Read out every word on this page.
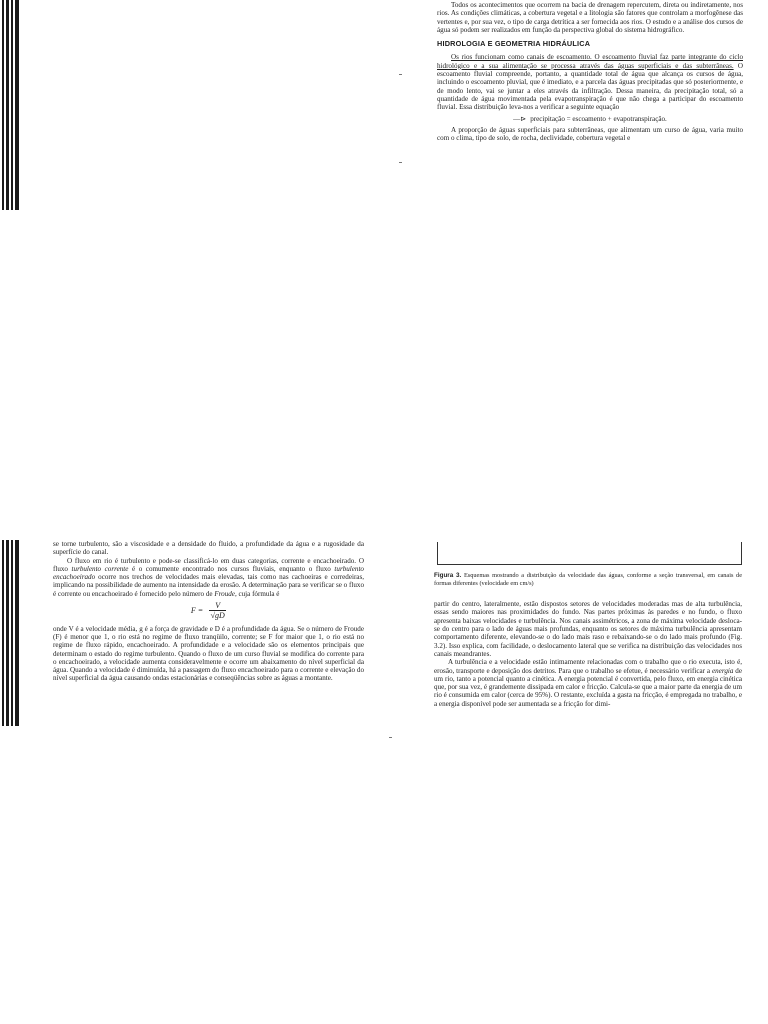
Todos os acontecimentos que ocorrem na bacia de drenagem repercutem, direta ou indiretamente, nos rios. As condições climáticas, a cobertura vegetal e a litologia são fatores que controlam a morfogênese das vertentes e, por sua vez, o tipo de carga detrítica a ser fornecida aos rios. O estudo e a análise dos cursos de água só podem ser realizados em função da perspectiva global do sistema hidrográfico.

HIDROLOGIA E GEOMETRIA HIDRÁULICA

Os rios funcionam como canais de escoamento. O escoamento fluvial faz parte integrante do ciclo hidrológico e a sua alimentação se processa através das águas superficiais e das subterrâneas. O escoamento fluvial compreende, portanto, a quantidade total de água que alcança os cursos de água, incluindo o escoamento pluvial, que é imediato, e a parcela das águas precipitadas que só posteriormente, e de modo lento, vai se juntar a eles através da infiltração. Dessa maneira, da precipitação total, só a quantidade de água movimentada pela evapotranspiração é que não chega a participar do escoamento fluvial. Essa distribuição leva-nos a verificar a seguinte equação

—⊳ precipitação = escoamento + evapotranspiração.

A proporção de águas superficiais para subterrâneas, que alimentam um curso de água, varia muito com o clima, tipo de solo, de rocha, declividade, cobertura vegetal e

se torne turbulento, são a viscosidade e a densidade do fluido, a profundidade da água e a rugosidade da superfície do canal.

O fluxo em rio é turbulento e pode-se classificá-lo em duas categorias, corrente e encachoeirado. O fluxo turbulento corrente é o comumente encontrado nos cursos fluviais, enquanto o fluxo turbulento encachoeirado ocorre nos trechos de velocidades mais elevadas, tais como nas cachoeiras e corredeiras, implicando na possibilidade de aumento na intensidade da erosão. A determinação para se verificar se o fluxo é corrente ou encachoeirado é fornecido pelo número de Froude, cuja fórmula é

$F = \frac{V}{√gD}$

onde V é a velocidade média, g é a força de gravidade e D é a profundidade da água. Se o número de Froude (F) é menor que 1, o rio está no regime de fluxo tranqüilo, corrente; se F for maior que 1, o rio está no regime de fluxo rápido, encachoeirado. A profundidade e a velocidade são os elementos principais que determinam o estado do regime turbulento. Quando o fluxo de um curso fluvial se modifica do corrente para o encachoeirado, a velocidade aumenta consideravelmente e ocorre um abaixamento do nível superficial da água. Quando a velocidade é diminuída, há a passagem do fluxo encachoeirado para o corrente e elevação do nível superficial da água causando ondas estacionárias e conseqüências sobre as águas a montante.

Figura 3. Esquemas mostrando a distribuição da velocidade das águas, conforme a seção transversal, em canais de formas diferentes (velocidade em cm/s)

partir do centro, lateralmente, estão dispostos setores de velocidades moderadas mas de alta turbulência, essas sendo maiores nas proximidades do fundo. Nas partes próximas às paredes e no fundo, o fluxo apresenta baixas velocidades e turbulência. Nos canais assimétricos, a zona de máxima velocidade desloca-se do centro para o lado de águas mais profundas, enquanto os setores de máxima turbulência apresentam comportamento diferente, elevando-se o do lado mais raso e rebaixando-se o do lado mais profundo (Fig. 3.2). Isso explica, com facilidade, o deslocamento lateral que se verifica na distribuição das velocidades nos canais meandrantes.

A turbulência e a velocidade estão intimamente relacionadas com o trabalho que o rio executa, isto é, erosão, transporte e deposição dos detritos. Para que o trabalho se efetue, é necessário verificar a energia de um rio, tanto a potencial quanto a cinética. A energia potencial é convertida, pelo fluxo, em energia cinética que, por sua vez, é grandemente dissipada em calor e fricção. Calcula-se que a maior parte da energia de um rio é consumida em calor (cerca de 95%). O restante, excluída a gasta na fricção, é empregada no trabalho, e a energia disponível pode ser aumentada se a fricção for dimi-
